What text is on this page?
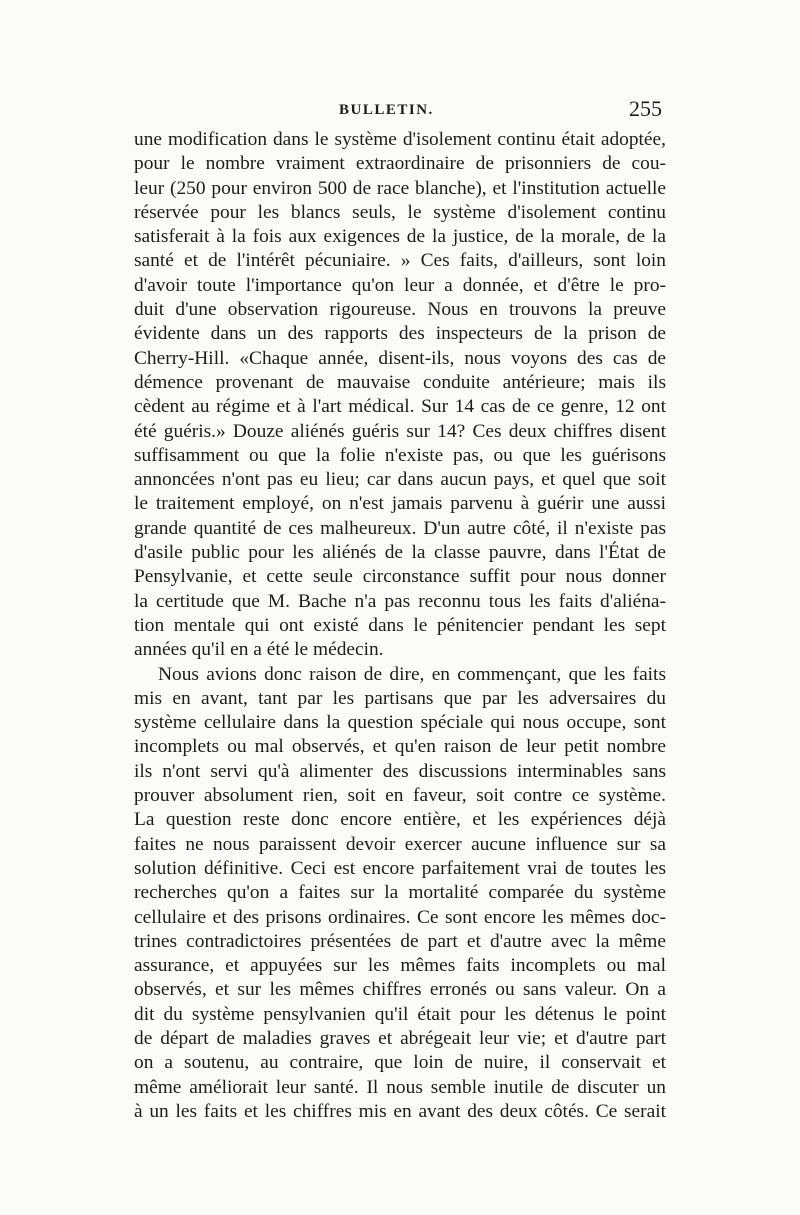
BULLETIN.	255
une modification dans le système d'isolement continu était adoptée,
pour le nombre vraiment extraordinaire de prisonniers de cou-
leur (250 pour environ 500 de race blanche), et l'institution actuelle
réservée pour les blancs seuls, le système d'isolement continu
satisferait à la fois aux exigences de la justice, de la morale, de la
santé et de l'intérêt pécuniaire. » Ces faits, d'ailleurs, sont loin
d'avoir toute l'importance qu'on leur a donnée, et d'être le pro-
duit d'une observation rigoureuse. Nous en trouvons la preuve
évidente dans un des rapports des inspecteurs de la prison de
Cherry-Hill. «Chaque année, disent-ils, nous voyons des cas de
démence provenant de mauvaise conduite antérieure; mais ils
cèdent au régime et à l'art médical. Sur 14 cas de ce genre, 12 ont
été guéris.» Douze aliénés guéris sur 14? Ces deux chiffres disent
suffisamment ou que la folie n'existe pas, ou que les guérisons
annoncées n'ont pas eu lieu; car dans aucun pays, et quel que soit
le traitement employé, on n'est jamais parvenu à guérir une aussi
grande quantité de ces malheureux. D'un autre côté, il n'existe pas
d'asile public pour les aliénés de la classe pauvre, dans l'État de
Pensylvanie, et cette seule circonstance suffit pour nous donner
la certitude que M. Bache n'a pas reconnu tous les faits d'aliéna-
tion mentale qui ont existé dans le pénitencier pendant les sept
années qu'il en a été le médecin.
Nous avions donc raison de dire, en commençant, que les faits
mis en avant, tant par les partisans que par les adversaires du
système cellulaire dans la question spéciale qui nous occupe, sont
incomplets ou mal observés, et qu'en raison de leur petit nombre
ils n'ont servi qu'à alimenter des discussions interminables sans
prouver absolument rien, soit en faveur, soit contre ce système.
La question reste donc encore entière, et les expériences déjà
faites ne nous paraissent devoir exercer aucune influence sur sa
solution définitive. Ceci est encore parfaitement vrai de toutes les
recherches qu'on a faites sur la mortalité comparée du système
cellulaire et des prisons ordinaires. Ce sont encore les mêmes doc-
trines contradictoires présentées de part et d'autre avec la même
assurance, et appuyées sur les mêmes faits incomplets ou mal
observés, et sur les mêmes chiffres erronés ou sans valeur. On a
dit du système pensylvanien qu'il était pour les détenus le point
de départ de maladies graves et abrégeait leur vie; et d'autre part
on a soutenu, au contraire, que loin de nuire, il conservait et
même améliorait leur santé. Il nous semble inutile de discuter un
à un les faits et les chiffres mis en avant des deux côtés. Ce serait
